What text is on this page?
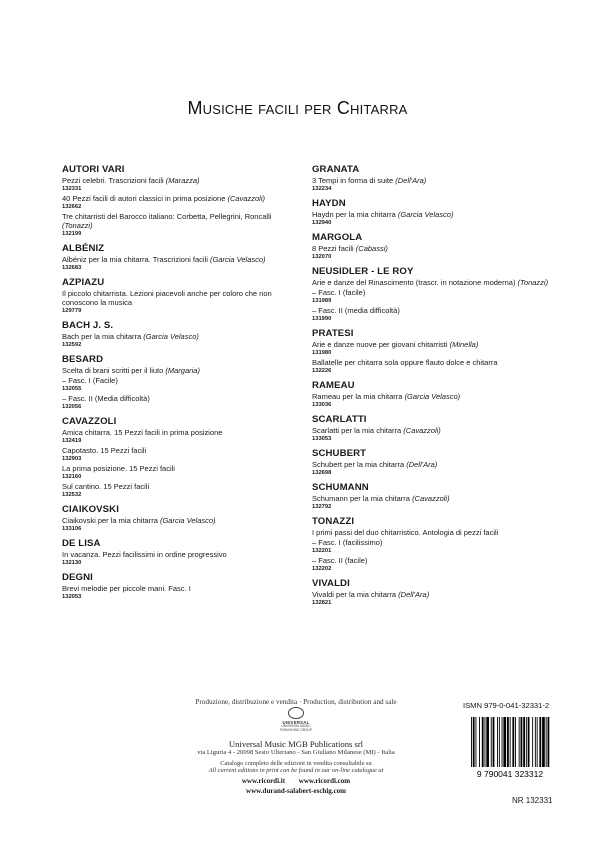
Musiche facili per Chitarra
AUTORI VARI
Pezzi celebri. Trascrizioni facili (Marazza)
132331
40 Pezzi facili di autori classici in prima posizione (Cavazzoli)
132662
Tre chitarristi del Barocco italiano: Corbetta, Pellegrini, Roncalli (Tonazzi)
132199
ALBÉNIZ
Albéniz per la mia chitarra. Trascrizioni facili (Garcia Velasco)
132683
AZPIAZU
Il piccolo chitarrista. Lezioni piacevoli anche per coloro che non conoscono la musica
129779
BACH J. S.
Bach per la mia chitarra (Garcia Velasco)
132592
BESARD
Scelta di brani scritti per il liuto (Margaria)
– Fasc. I (Facile)
132055
– Fasc. II (Media difficoltà)
132056
CAVAZZOLI
Amica chitarra. 15 Pezzi facili in prima posizione
132419
Capotasto. 15 Pezzi facili
132903
La prima posizione. 15 Pezzi facili
132160
Sul cantino. 15 Pezzi facili
132532
CIAIKOVSKI
Ciaikovski per la mia chitarra (Garcia Velasco)
133106
DE LISA
In vacanza. Pezzi facilissimi in ordine progressivo
132130
DEGNI
Brevi melodie per piccole mani. Fasc. I
132053
GRANATA
3 Tempi in forma di suite (Dell'Ara)
132234
HAYDN
Haydn per la mia chitarra (Garcia Velasco)
132940
MARGOLA
8 Pezzi facili (Cabassi)
132070
NEUSIDLER - LE ROY
Arie e danze del Rinascimento (trascr. in notazione moderna) (Tonazzi)
– Fasc. I (facile)
131989
– Fasc. II (media difficoltà)
131990
PRATESI
Arie e danze nuove per giovani chitarristi (Minella)
131980
Ballatelle per chitarra sola oppure flauto dolce e chitarra
132226
RAMEAU
Rameau per la mia chitarra (Garcia Velasco)
133036
SCARLATTI
Scarlatti per la mia chitarra (Cavazzoli)
133053
SCHUBERT
Schubert per la mia chitarra (Dell'Ara)
132698
SCHUMANN
Schumann per la mia chitarra (Cavazzoli)
132792
TONAZZI
I primi passi del duo chitarristico. Antologia di pezzi facili
– Fasc. I (facilissimo)
132201
– Fasc. II (facile)
132202
VIVALDI
Vivaldi per la mia chitarra (Dell'Ara)
132821
Produzione, distribuzione e vendita · Production, distribution and sale
UNIVERSAL
UNIVERSAL MUSIC
PUBLISHING GROUP
Universal Music MGB Publications srl
via Liguria 4 - 20098 Sesto Ulteriano - San Giuliano Milanese (MI) - Italia
Catalogo completo delle edizioni in vendita consultabile su
All current editions in print can be found in our on-line catalogue at
www.ricordi.it www.ricordi.com
www.durand-salabert-eschig.com
ISMN 979-0-041-32331-2
9 790041 323312
NR 132331
